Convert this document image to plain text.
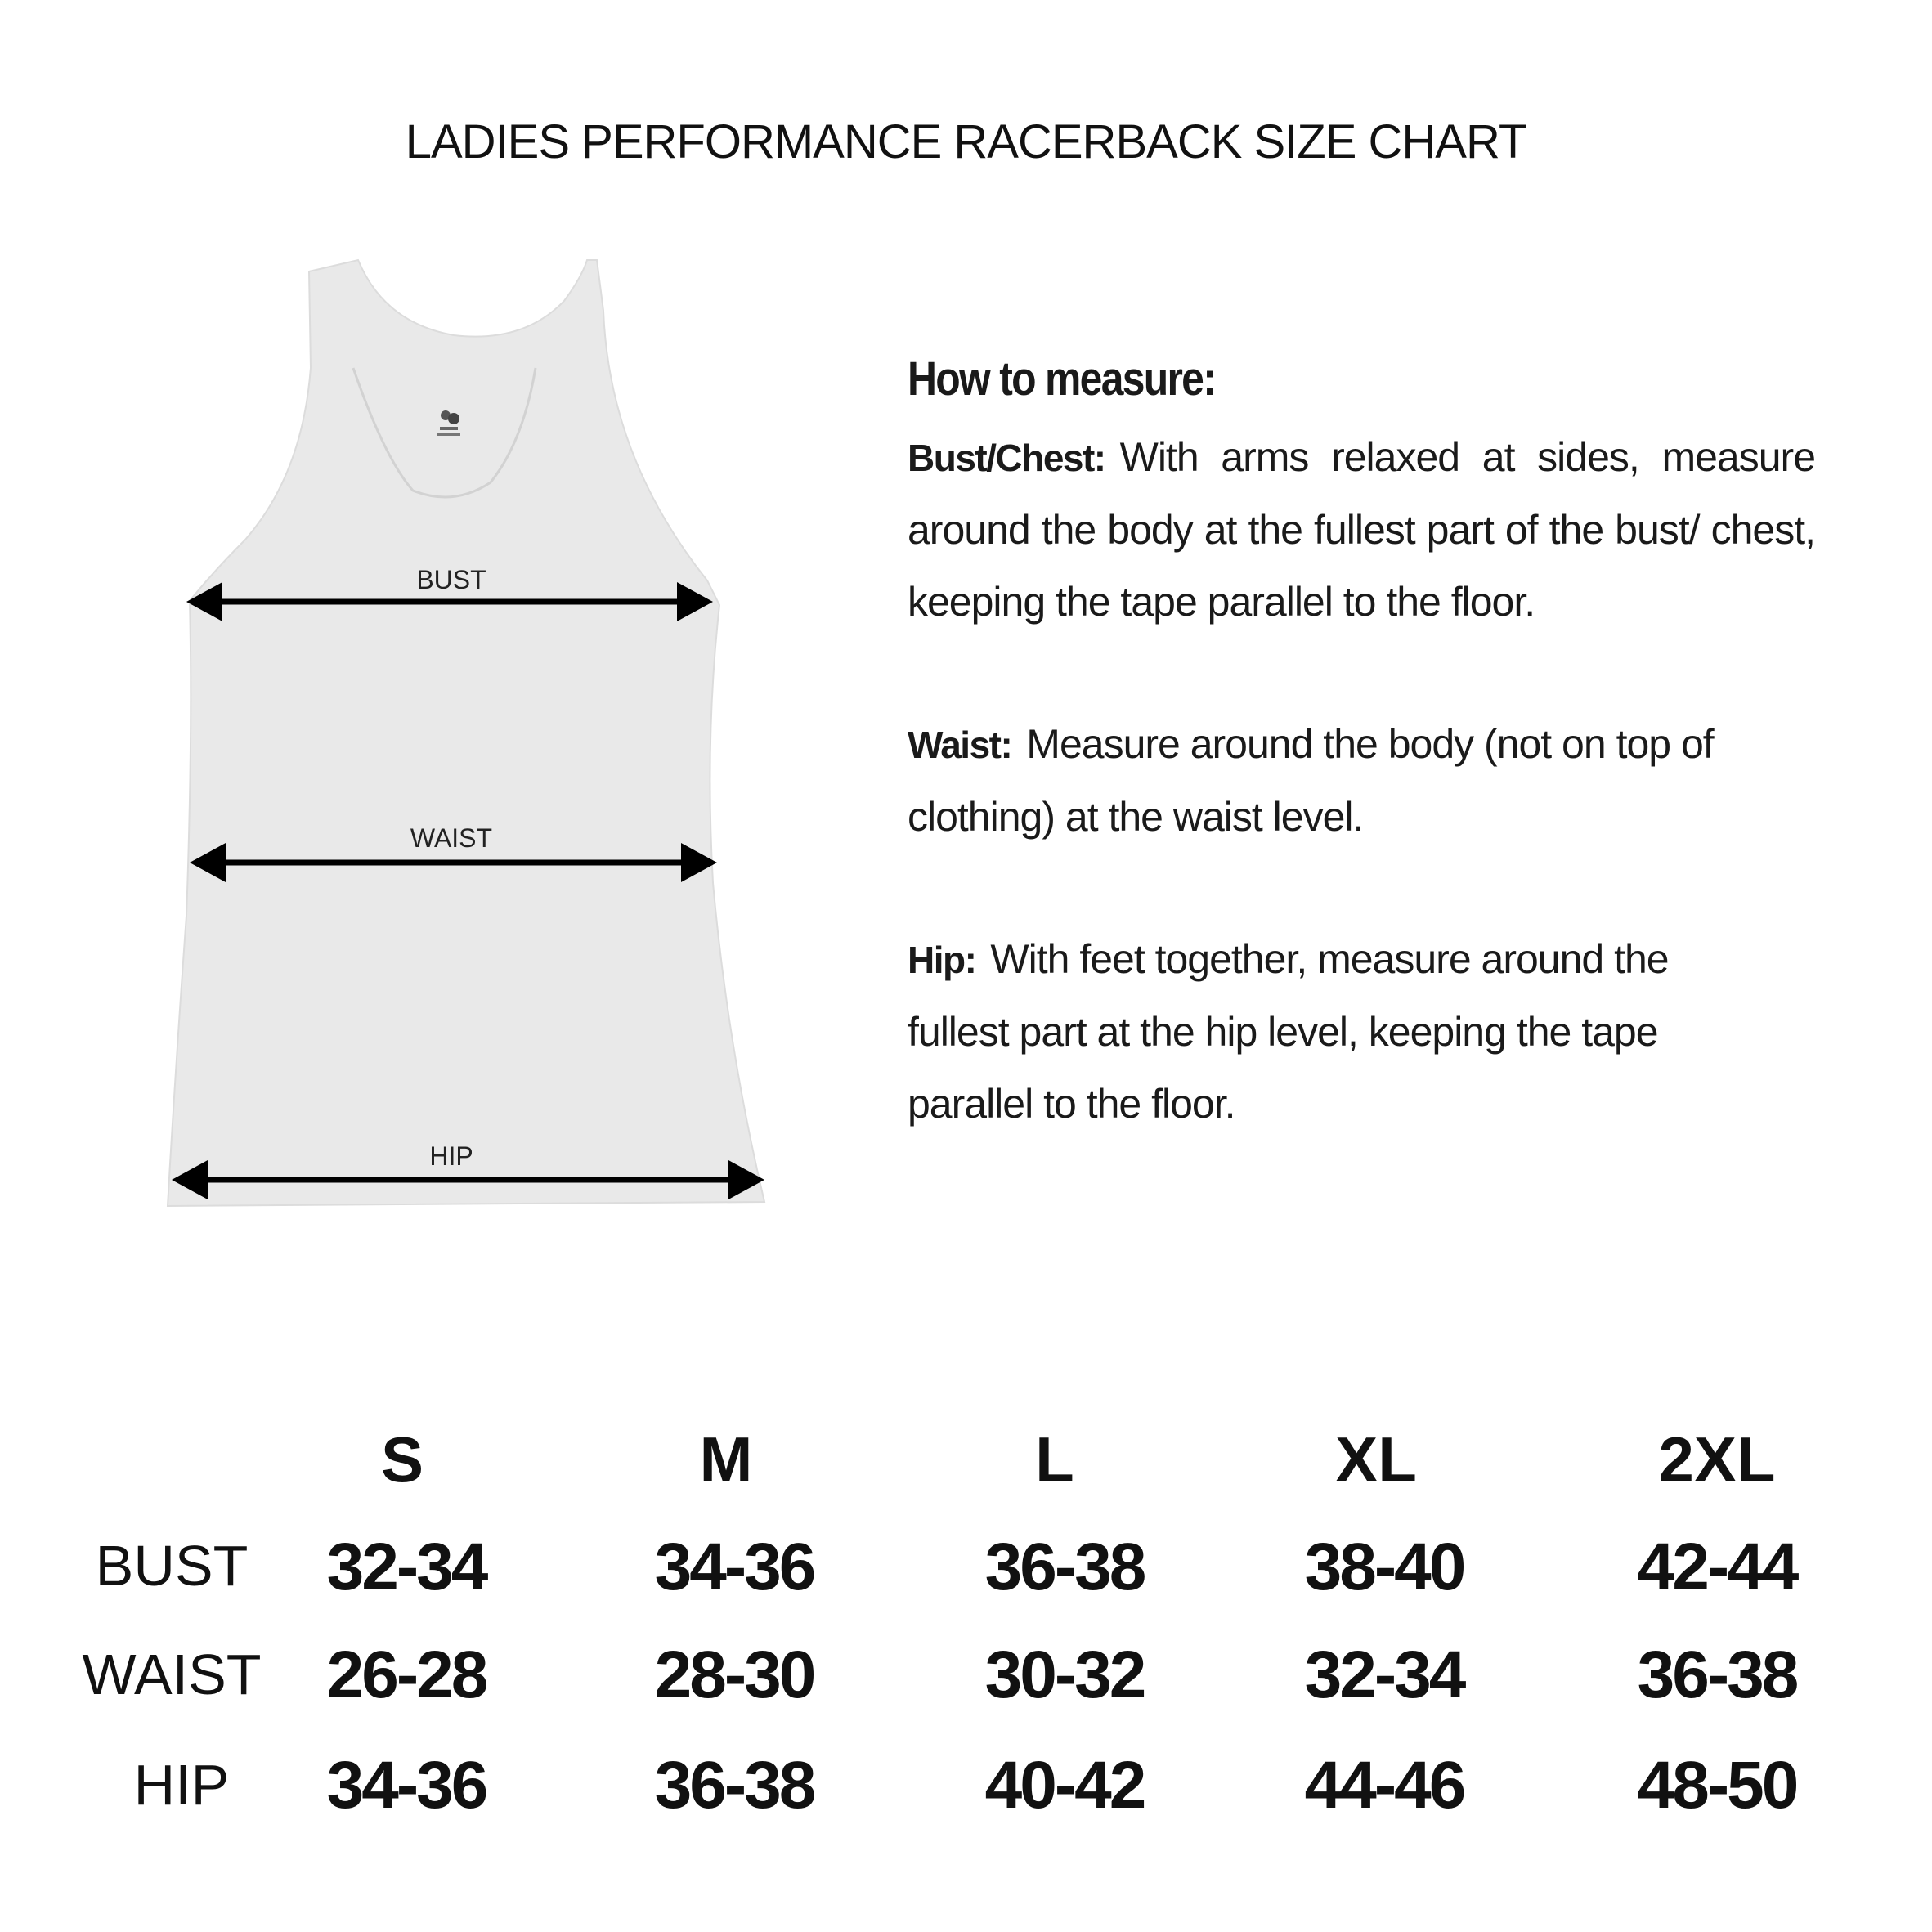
LADIES PERFORMANCE RACERBACK SIZE CHART
BUST
WAIST
HIP
How to measure:

Bust/Chest: With arms relaxed at sides, measure around the body at the fullest part of the bust/ chest, keeping the tape parallel to the floor.

Waist: Measure around the body (not on top of clothing) at the waist level.

Hip: With feet together, measure around the fullest part at the hip level, keeping the tape parallel to the floor.

S	M	L	XL	2XL
BUST 32-34	34-36	36-38 38-40	42-44
WAIST 26-28	28-30	30-32 32-34	36-38
HIP 34-36	36-38	40-42 44-46	48-50
